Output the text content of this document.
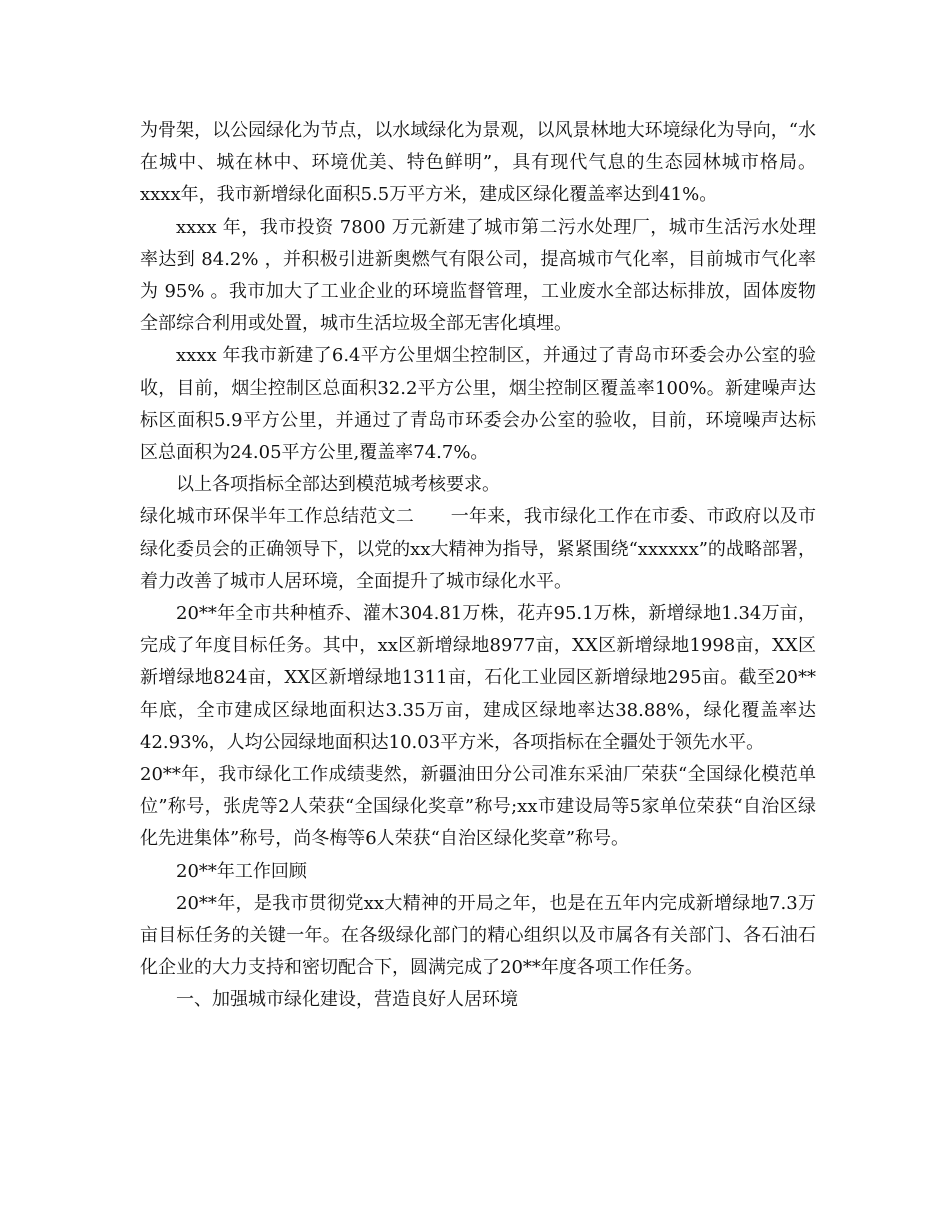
为骨架，以公园绿化为节点，以水域绿化为景观，以风景林地大环境绿化为导向，“水在城中、城在林中、环境优美、特色鲜明”，具有现代气息的生态园林城市格局。xxxx年，我市新增绿化面积5.5万平方米，建成区绿化覆盖率达到41%。

xxxx 年，我市投资 7800 万元新建了城市第二污水处理厂，城市生活污水处理率达到 84.2% ，并积极引进新奥燃气有限公司，提高城市气化率，目前城市气化率为 95% 。我市加大了工业企业的环境监督管理，工业废水全部达标排放，固体废物全部综合利用或处置，城市生活垃圾全部无害化填埋。

xxxx 年我市新建了6.4平方公里烟尘控制区，并通过了青岛市环委会办公室的验收，目前，烟尘控制区总面积32.2平方公里，烟尘控制区覆盖率100%。新建噪声达标区面积5.9平方公里，并通过了青岛市环委会办公室的验收，目前，环境噪声达标区总面积为24.05平方公里,覆盖率74.7%。

以上各项指标全部达到模范城考核要求。

绿化城市环保半年工作总结范文二　　一年来，我市绿化工作在市委、市政府以及市绿化委员会的正确领导下，以党的xx大精神为指导，紧紧围绕“xxxxxx”的战略部署，着力改善了城市人居环境，全面提升了城市绿化水平。

20**年全市共种植乔、灌木304.81万株，花卉95.1万株，新增绿地1.34万亩，完成了年度目标任务。其中，xx区新增绿地8977亩，XX区新增绿地1998亩，XX区新增绿地824亩，XX区新增绿地1311亩，石化工业园区新增绿地295亩。截至20**年底，全市建成区绿地面积达3.35万亩，建成区绿地率达38.88%，绿化覆盖率达42.93%，人均公园绿地面积达10.03平方米，各项指标在全疆处于领先水平。

20**年，我市绿化工作成绩斐然，新疆油田分公司准东采油厂荣获“全国绿化模范单位”称号，张虎等2人荣获“全国绿化奖章”称号;xx市建设局等5家单位荣获“自治区绿化先进集体”称号，尚冬梅等6人荣获“自治区绿化奖章”称号。

20**年工作回顾

20**年，是我市贯彻党xx大精神的开局之年，也是在五年内完成新增绿地7.3万亩目标任务的关键一年。在各级绿化部门的精心组织以及市属各有关部门、各石油石化企业的大力支持和密切配合下，圆满完成了20**年度各项工作任务。

一、加强城市绿化建设，营造良好人居环境
